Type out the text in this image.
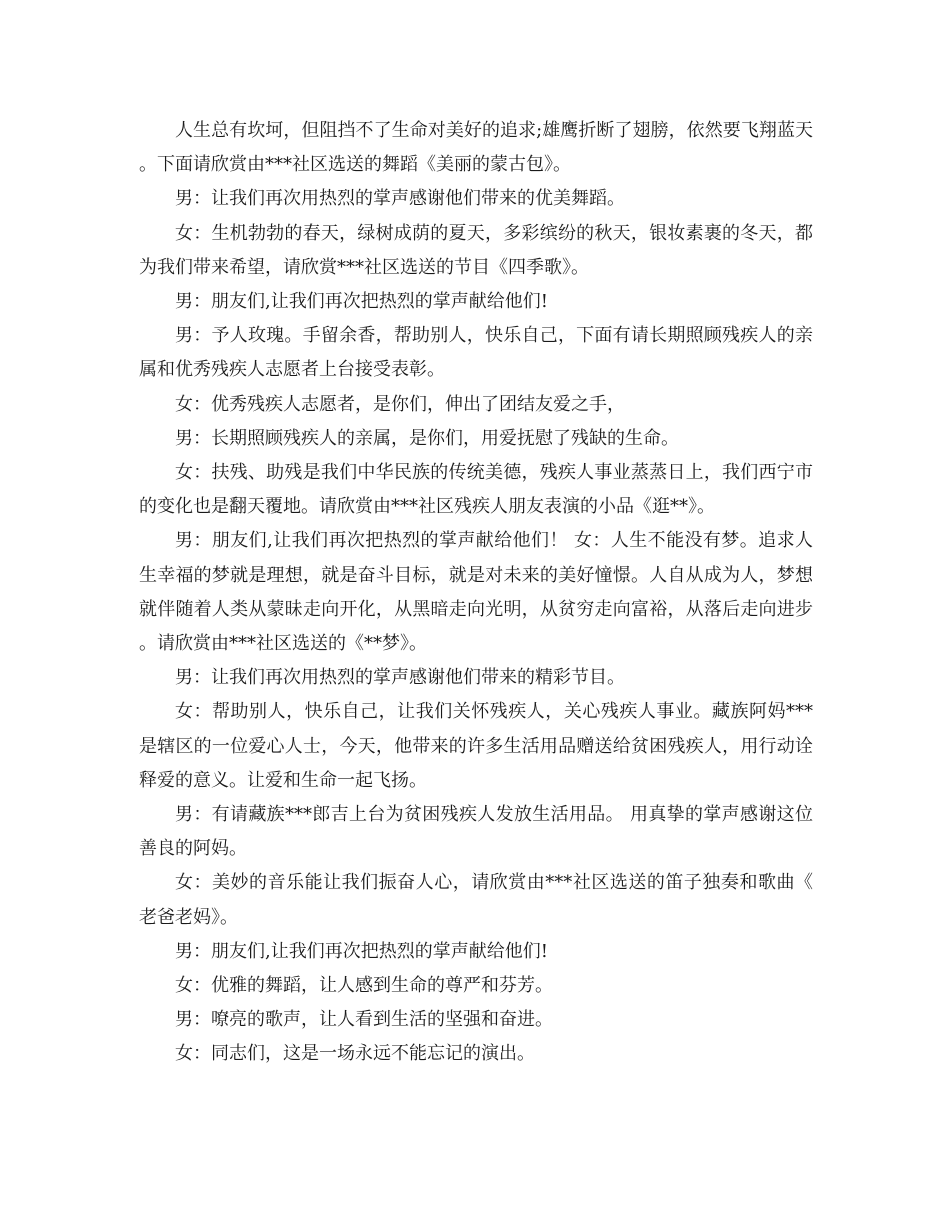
人生总有坎坷，但阻挡不了生命对美好的追求;雄鹰折断了翅膀，依然要飞翔蓝天。下面请欣赏由***社区选送的舞蹈《美丽的蒙古包》。

男：让我们再次用热烈的掌声感谢他们带来的优美舞蹈。

女：生机勃勃的春天，绿树成荫的夏天，多彩缤纷的秋天，银妆素裹的冬天，都为我们带来希望，请欣赏***社区选送的节目《四季歌》。

男：朋友们,让我们再次把热烈的掌声献给他们!

男：予人玫瑰。手留余香，帮助别人，快乐自己，下面有请长期照顾残疾人的亲属和优秀残疾人志愿者上台接受表彰。

女：优秀残疾人志愿者，是你们，伸出了团结友爱之手，

男：长期照顾残疾人的亲属，是你们，用爱抚慰了残缺的生命。

女：扶残、助残是我们中华民族的传统美德，残疾人事业蒸蒸日上，我们西宁市的变化也是翻天覆地。请欣赏由***社区残疾人朋友表演的小品《逛**》。

男：朋友们,让我们再次把热烈的掌声献给他们！ 女：人生不能没有梦。追求人生幸福的梦就是理想，就是奋斗目标，就是对未来的美好憧憬。人自从成为人，梦想就伴随着人类从蒙昧走向开化，从黑暗走向光明，从贫穷走向富裕，从落后走向进步。请欣赏由***社区选送的《**梦》。

男：让我们再次用热烈的掌声感谢他们带来的精彩节目。

女：帮助别人，快乐自己，让我们关怀残疾人，关心残疾人事业。藏族阿妈***是辖区的一位爱心人士，今天，他带来的许多生活用品赠送给贫困残疾人，用行动诠释爱的意义。让爱和生命一起飞扬。

男：有请藏族***郎吉上台为贫困残疾人发放生活用品。 用真挚的掌声感谢这位善良的阿妈。

女：美妙的音乐能让我们振奋人心，请欣赏由***社区选送的笛子独奏和歌曲《老爸老妈》。

男：朋友们,让我们再次把热烈的掌声献给他们!

女：优雅的舞蹈，让人感到生命的尊严和芬芳。

男：嘹亮的歌声，让人看到生活的坚强和奋进。

女：同志们，这是一场永远不能忘记的演出。
